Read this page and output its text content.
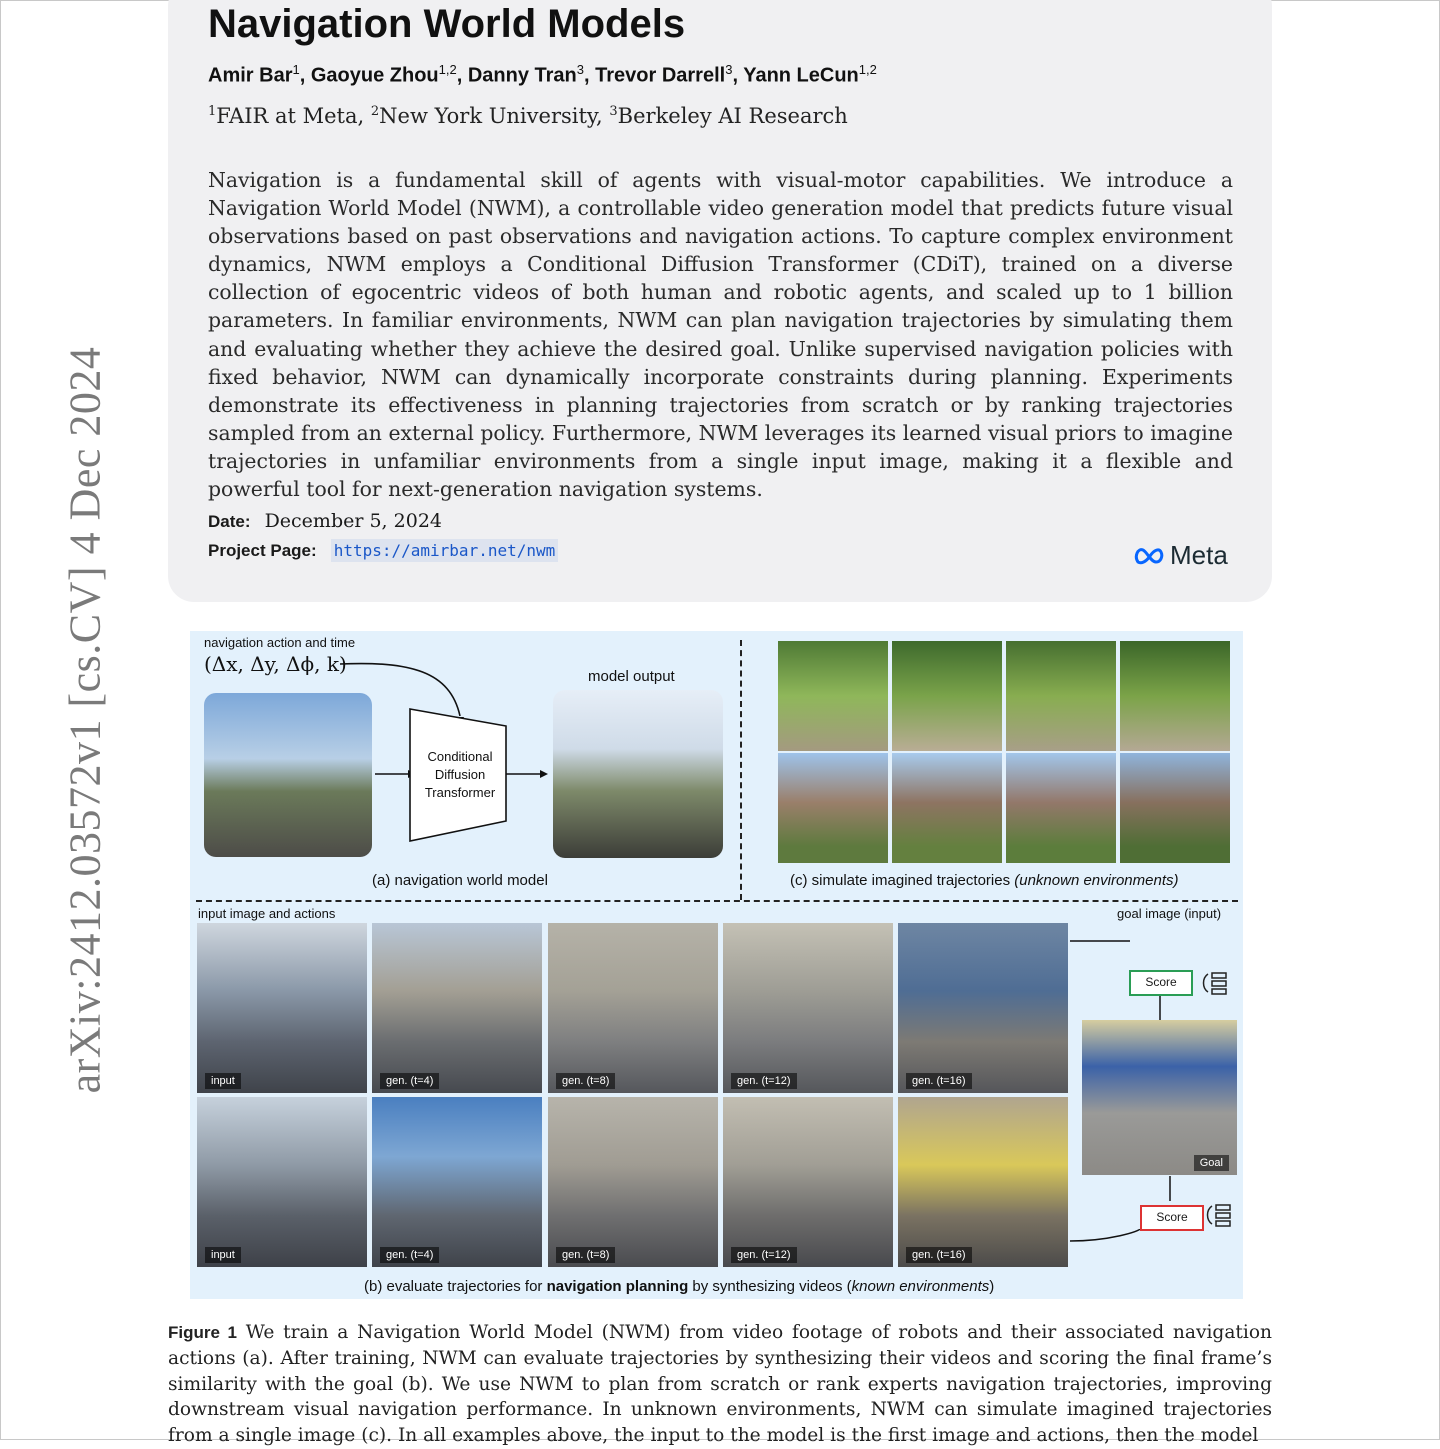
arXiv:2412.03572v1 [cs.CV] 4 Dec 2024
Navigation World Models
Amir Bar$^1$, Gaoyue Zhou$^{1,2}$, Danny Tran$^3$, Trevor Darrell$^3$, Yann LeCun$^{1,2}$
$^1$FAIR at Meta, $^2$New York University, $^3$Berkeley AI Research
Navigation is a fundamental skill of agents with visual-motor capabilities. We introduce a Navigation World Model (NWM), a controllable video generation model that predicts future visual observations based on past observations and navigation actions. To capture complex environment dynamics, NWM employs a Conditional Diffusion Transformer (CDiT), trained on a diverse collection of egocentric videos of both human and robotic agents, and scaled up to 1 billion parameters. In familiar environments, NWM can plan navigation trajectories by simulating them and evaluating whether they achieve the desired goal. Unlike supervised navigation policies with fixed behavior, NWM can dynamically incorporate constraints during planning. Experiments demonstrate its effectiveness in planning trajectories from scratch or by ranking trajectories sampled from an external policy. Furthermore, NWM leverages its learned visual priors to imagine trajectories in unfamiliar environments from a single input image, making it a flexible and powerful tool for next-generation navigation systems.
Date: December 5, 2024
Project Page: https://amirbar.net/nwm	Meta
navigation action and time
(Δx, Δy, Δϕ, k)
Conditional
Diffusion
Transformer
model output
(a) navigation world model	(c) simulate imagined trajectories (unknown environments)
input image and actions	goal image (input)
input	gen. (t=4)	gen. (t=8)	gen. (t=12)	gen. (t=16)
input	gen. (t=4)	gen. (t=8)	gen. (t=12)	gen. (t=16)
Goal
Score
Score
(b) evaluate trajectories for navigation planning by synthesizing videos (known environments)
Figure 1 We train a Navigation World Model (NWM) from video footage of robots and their associated navigation actions (a). After training, NWM can evaluate trajectories by synthesizing their videos and scoring the final frame’s similarity with the goal (b). We use NWM to plan from scratch or rank experts navigation trajectories, improving downstream visual navigation performance. In unknown environments, NWM can simulate imagined trajectories from a single image (c). In all examples above, the input to the model is the first image and actions, then the model
